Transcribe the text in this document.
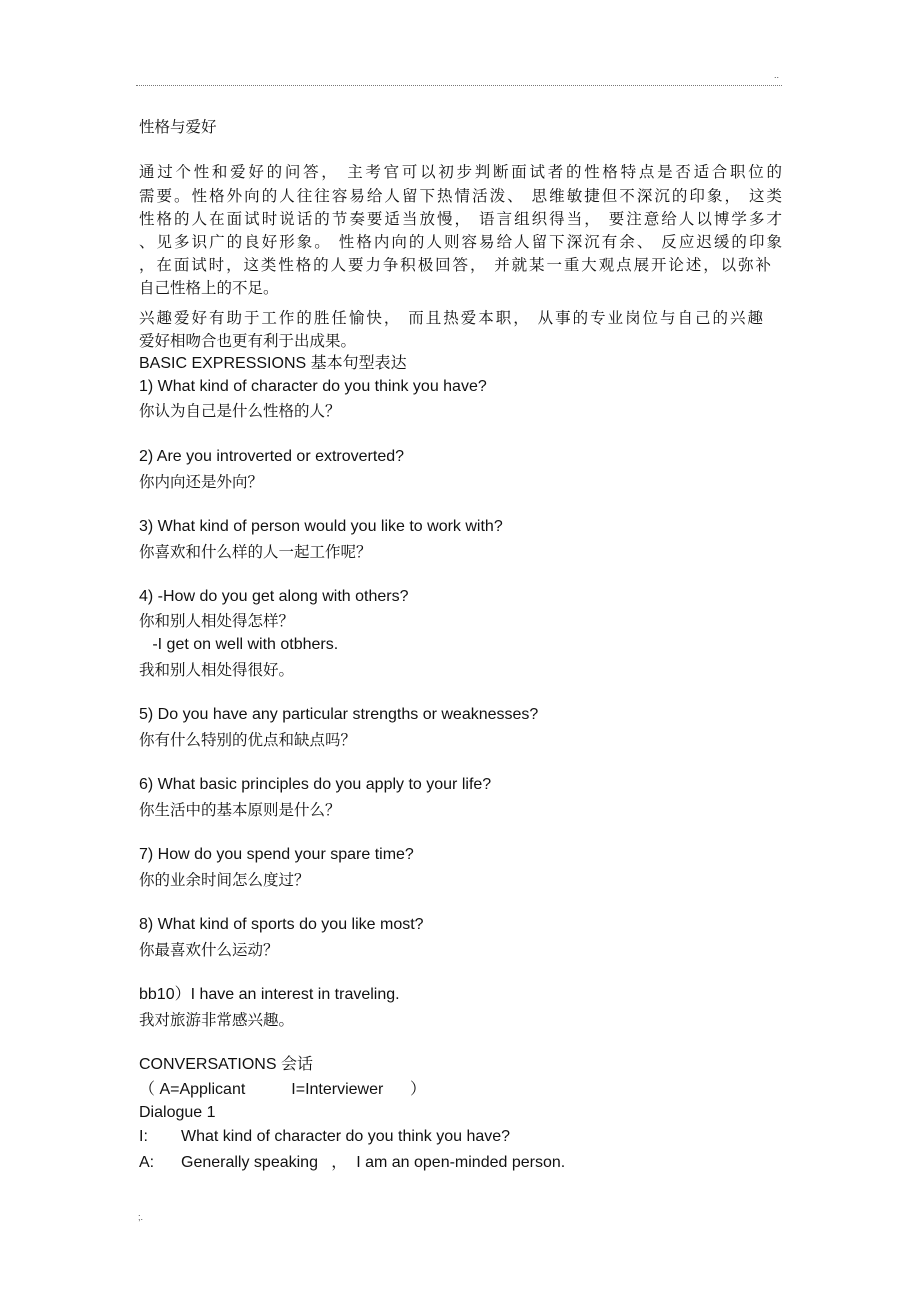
..
性格与爱好
通过个性和爱好的问答， 主考官可以初步判断面试者的性格特点是否适合职位的
需要。性格外向的人往往容易给人留下热情活泼、 思维敏捷但不深沉的印象， 这类
性格的人在面试时说话的节奏要适当放慢， 语言组织得当， 要注意给人以博学多才
、见多识广的良好形象。 性格内向的人则容易给人留下深沉有余、 反应迟缓的印象
，在面试时，这类性格的人要力争积极回答， 并就某一重大观点展开论述，以弥补
自己性格上的不足。
兴趣爱好有助于工作的胜任愉快， 而且热爱本职， 从事的专业岗位与自己的兴趣
爱好相吻合也更有利于出成果。
BASIC EXPRESSIONS 基本句型表达
1) What kind of character do you think you have?
你认为自己是什么性格的人？
2) Are you introverted or extroverted?
你内向还是外向？
3) What kind of person would you like to work with?
你喜欢和什么样的人一起工作呢？
4) -How do you get along with others?
你和别人相处得怎样？
-I get on well with otbhers.
我和别人相处得很好。
5) Do you have any particular strengths or weaknesses?
你有什么特别的优点和缺点吗？
6) What basic principles do you apply to your life?
你生活中的基本原则是什么？
7) How do you spend your spare time?
你的业余时间怎么度过？
8) What kind of sports do you like most?
你最喜欢什么运动？
bb10）I have an interest in traveling.
我对旅游非常感兴趣。
CONVERSATIONS 会话
（ A=Applicant	I=Interviewer      ）
Dialogue 1
I: What kind of character do you think you have?
A: Generally speaking   ，  I am an open-minded person.
;.
